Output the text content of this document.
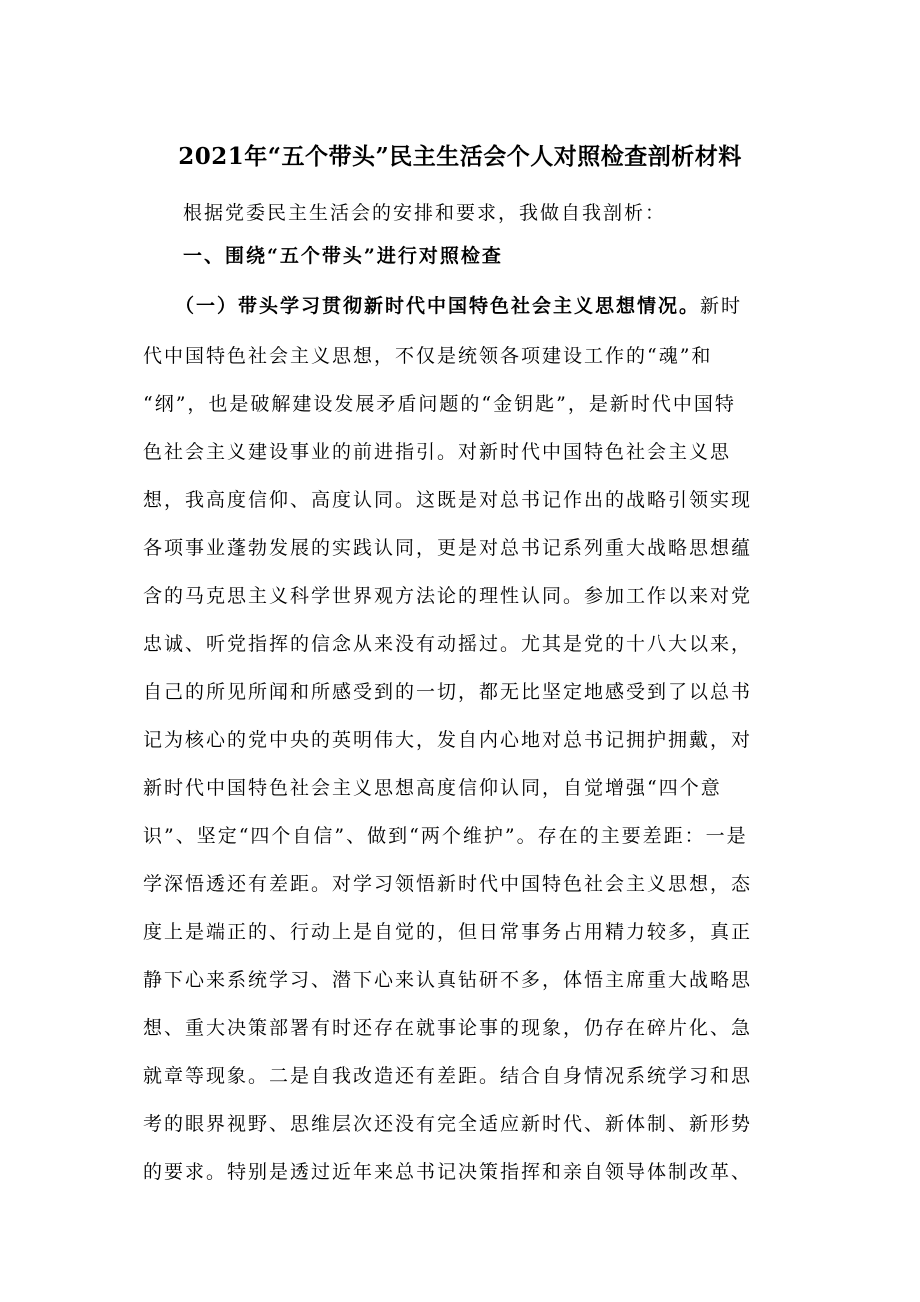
2021年“五个带头”民主生活会个人对照检查剖析材料
根据党委民主生活会的安排和要求，我做自我剖析：
一、围绕“五个带头”进行对照检查
（一）带头学习贯彻新时代中国特色社会主义思想情况。新时
代中国特色社会主义思想，不仅是统领各项建设工作的“魂”和
“纲”，也是破解建设发展矛盾问题的“金钥匙”，是新时代中国特
色社会主义建设事业的前进指引。对新时代中国特色社会主义思
想，我高度信仰、高度认同。这既是对总书记作出的战略引领实现
各项事业蓬勃发展的实践认同，更是对总书记系列重大战略思想蕴
含的马克思主义科学世界观方法论的理性认同。参加工作以来对党
忠诚、听党指挥的信念从来没有动摇过。尤其是党的十八大以来，
自己的所见所闻和所感受到的一切，都无比坚定地感受到了以总书
记为核心的党中央的英明伟大，发自内心地对总书记拥护拥戴，对
新时代中国特色社会主义思想高度信仰认同，自觉增强“四个意
识”、坚定“四个自信”、做到“两个维护”。存在的主要差距：一是
学深悟透还有差距。对学习领悟新时代中国特色社会主义思想，态
度上是端正的、行动上是自觉的，但日常事务占用精力较多，真正
静下心来系统学习、潜下心来认真钻研不多，体悟主席重大战略思
想、重大决策部署有时还存在就事论事的现象，仍存在碎片化、急
就章等现象。二是自我改造还有差距。结合自身情况系统学习和思
考的眼界视野、思维层次还没有完全适应新时代、新体制、新形势
的要求。特别是透过近年来总书记决策指挥和亲自领导体制改革、
